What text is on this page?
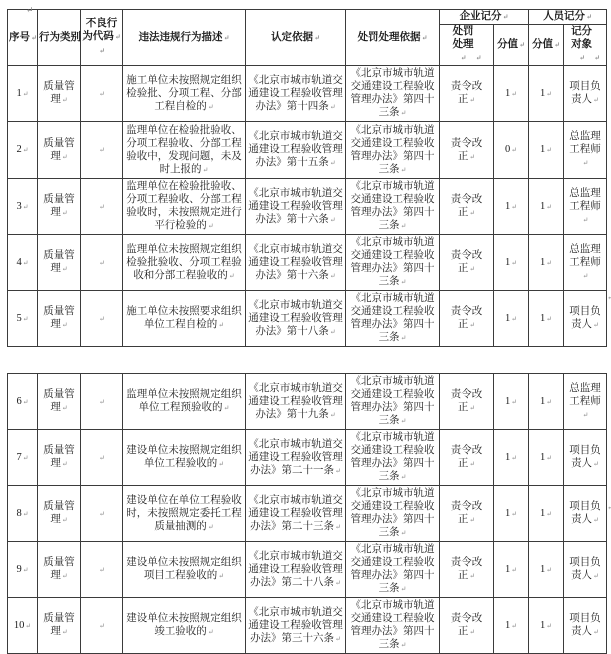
↵
序号 ↵	行为类别 ↵	不良行为代码 ↵ ↵	违法违规行为描述 ↵	认定依据 ↵	处罚处理依据 ↵	企业记分 ↵		人员记分 ↵
						处罚处理 ↵ ↵	分值 ↵	分值 ↵	记分对象 ↵ ↵
1 ↵	质量管理 ↵	↵	施工单位未按照规定组织检验批、分项工程、分部工程自检的 ↵	《北京市城市轨道交通建设工程验收管理办法》第十四条 ↵	《北京市城市轨道交通建设工程验收管理办法》第四十三条 ↵	责令改正 ↵	1 ↵	1 ↵	项目负责人 ↵
2 ↵	质量管理 ↵	↵	监理单位在检验批验收、分项工程验收、分部工程验收中，发现问题，未及时上报的 ↵	《北京市城市轨道交通建设工程验收管理办法》第十五条 ↵	《北京市城市轨道交通建设工程验收管理办法》第四十三条 ↵	责令改正 ↵	0 ↵	1 ↵	总监理工程师 ↵
3 ↵	质量管理 ↵	↵	监理单位在检验批验收、分项工程验收、分部工程验收时，未按照规定进行平行检验的 ↵	《北京市城市轨道交通建设工程验收管理办法》第十六条 ↵	《北京市城市轨道交通建设工程验收管理办法》第四十三条 ↵	责令改正 ↵	1 ↵	1 ↵	总监理工程师 ↵
4 ↵	质量管理 ↵	↵	监理单位未按照规定组织检验批验收、分项工程验收和分部工程验收的 ↵	《北京市城市轨道交通建设工程验收管理办法》第十六条 ↵	《北京市城市轨道交通建设工程验收管理办法》第四十三条 ↵	责令改正 ↵	1 ↵	1 ↵	总监理工程师 ↵
5 ↵	质量管理 ↵	↵	施工单位未按照要求组织单位工程自检的 ↵	《北京市城市轨道交通建设工程验收管理办法》第十八条 ↵	《北京市城市轨道交通建设工程验收管理办法》第四十三条 ↵	责令改正 ↵	1 ↵	1 ↵	项目负责人 ↵
↵
6 ↵	质量管理 ↵	↵	监理单位未按照规定组织单位工程预验收的 ↵	《北京市城市轨道交通建设工程验收管理办法》第十九条 ↵	《北京市城市轨道交通建设工程验收管理办法》第四十三条 ↵	责令改正 ↵	1 ↵	1 ↵	总监理工程师 ↵
7 ↵	质量管理 ↵	↵	建设单位未按照规定组织单位工程验收的 ↵	《北京市城市轨道交通建设工程验收管理办法》第二十一条 ↵	《北京市城市轨道交通建设工程验收管理办法》第四十三条 ↵	责令改正 ↵	1 ↵	1 ↵	项目负责人 ↵
8 ↵	质量管理 ↵	↵	建设单位在单位工程验收时，未按照规定委托工程质量抽测的 ↵	《北京市城市轨道交通建设工程验收管理办法》第二十三条 ↵	《北京市城市轨道交通建设工程验收管理办法》第四十三条 ↵	责令改正 ↵	1 ↵	1 ↵	项目负责人 ↵
9 ↵	质量管理 ↵	↵	建设单位未按照规定组织项目工程验收的 ↵	《北京市城市轨道交通建设工程验收管理办法》第二十八条 ↵	《北京市城市轨道交通建设工程验收管理办法》第四十三条 ↵	责令改正 ↵	1 ↵	1 ↵	项目负责人 ↵
10 ↵	质量管理 ↵	↵	建设单位未按照规定组织竣工验收的 ↵	《北京市城市轨道交通建设工程验收管理办法》第三十六条 ↵	《北京市城市轨道交通建设工程验收管理办法》第四十三条 ↵	责令改正 ↵	1 ↵	1 ↵	项目负责人 ↵
↵
